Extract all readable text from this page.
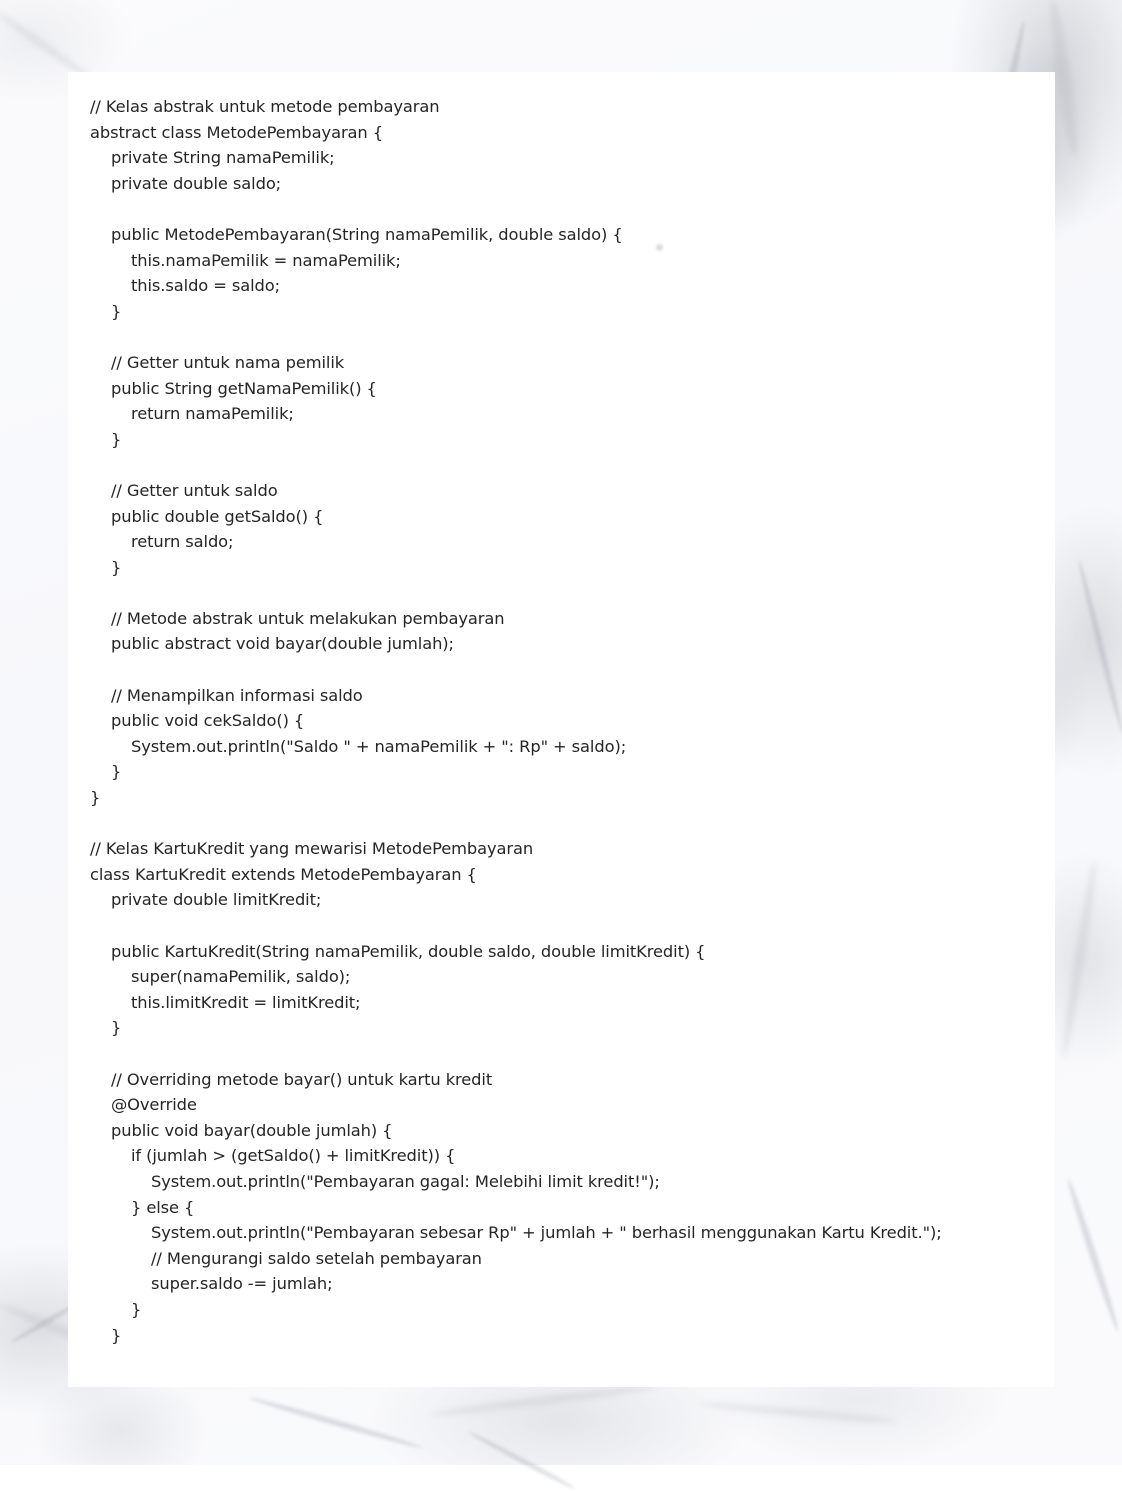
// Kelas abstrak untuk metode pembayaran
abstract class MetodePembayaran {
private String namaPemilik;
private double saldo;
public MetodePembayaran(String namaPemilik, double saldo) {
this.namaPemilik = namaPemilik;
this.saldo = saldo;
}
// Getter untuk nama pemilik
public String getNamaPemilik() {
return namaPemilik;
}
// Getter untuk saldo
public double getSaldo() {
return saldo;
}
// Metode abstrak untuk melakukan pembayaran
public abstract void bayar(double jumlah);
// Menampilkan informasi saldo
public void cekSaldo() {
System.out.println("Saldo " + namaPemilik + ": Rp" + saldo);
}
}
// Kelas KartuKredit yang mewarisi MetodePembayaran
class KartuKredit extends MetodePembayaran {
private double limitKredit;
public KartuKredit(String namaPemilik, double saldo, double limitKredit) {
super(namaPemilik, saldo);
this.limitKredit = limitKredit;
}
// Overriding metode bayar() untuk kartu kredit
@Override
public void bayar(double jumlah) {
if (jumlah > (getSaldo() + limitKredit)) {
System.out.println("Pembayaran gagal: Melebihi limit kredit!");
} else {
System.out.println("Pembayaran sebesar Rp" + jumlah + " berhasil menggunakan Kartu Kredit.");
// Mengurangi saldo setelah pembayaran
super.saldo -= jumlah;
}
}
